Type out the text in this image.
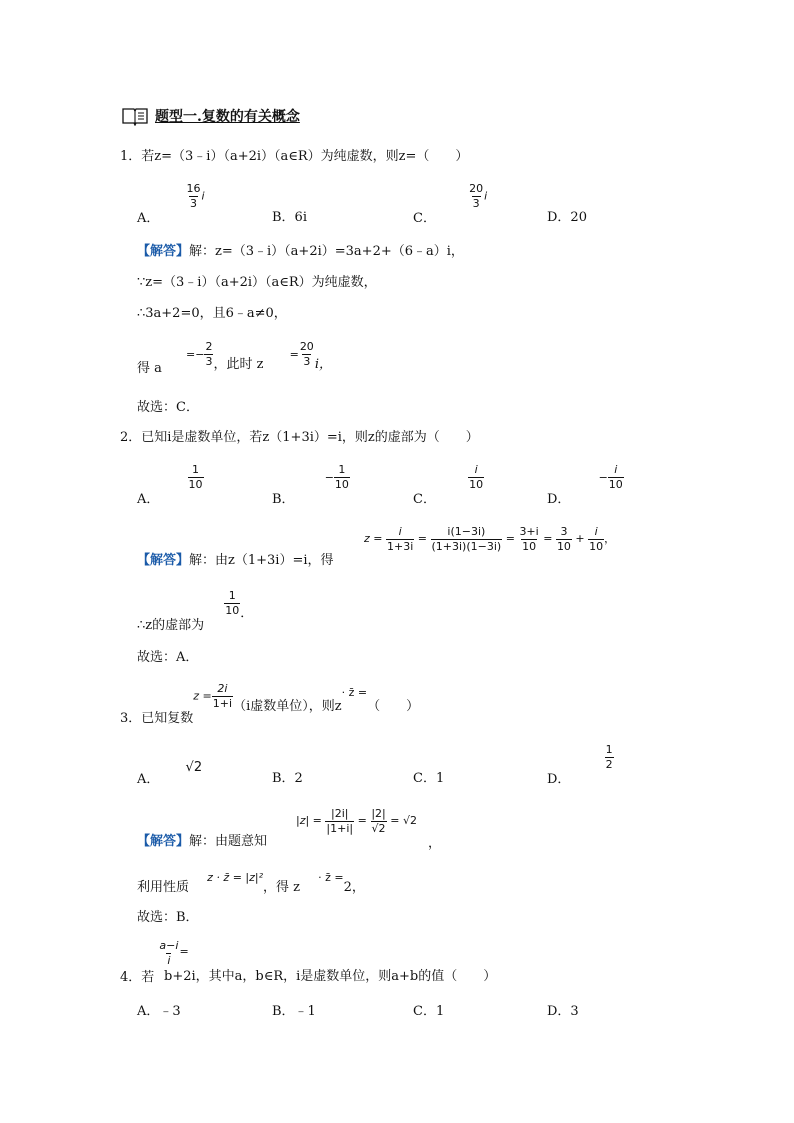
题型一.复数的有关概念
1．若z=（3﹣i）（a+2i）（a∈R）为纯虚数，则z=（　　）
A．
$\frac{16}{3}$ i
B．6i	C．
$\frac{20}{3}$ i
D．20
【解答】解：z=（3﹣i）（a+2i）=3a+2+（6﹣a）i，
∵z=（3﹣i）（a+2i）（a∈R）为纯虚数，
∴3a+2=0，且6﹣a≠0，
得 $a =- \frac{2}{3}$ ，此时 $z = \frac{20}{3}$ i，
故选：C．
2．已知i是虚数单位，若z（1+3i）=i，则z的虚部为（　　）
A．
$\frac{1}{10}$
B． − $\frac{1}{10}$
C．
$\frac{i}{10}$
D． − $\frac{i}{10}$
【解答】解：由z（1+3i）=i，得
$z = \frac{i}{1+3i} = \frac{i(1-3i)}{(1+3i)(1-3i)} = \frac{3+i}{10} = \frac{3}{10} + \frac{i}{10}$ ，
∴z的虚部为
$\frac{1}{10}$ ．
故选：A．
3．已知复数$z = \frac{2i}{1+i} (i$虚数单位），则$z^{\cdot z̄ =}$（　　）
A． √2
B．2	C．1	D．
$\frac{1}{2}$
【解答】解：由题意知
$|z| = \frac{|2i|}{|1+i|} = \frac{|2|}{√2} = √2$
，
利用性质 z · z̄ = |z|²，得 z · z̄ =2，
故选：B．
4．若
$\frac{a-i}{i}$ =
b+2i，其中a，b∈R，i是虚数单位，则a+b的值（　　）
A．﹣3	B．﹣1	C．1	D．3
